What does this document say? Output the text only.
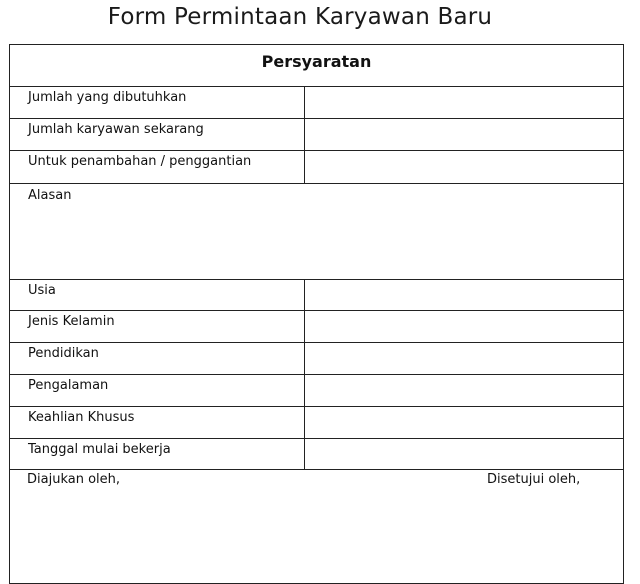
Form Permintaan Karyawan Baru
Persyaratan
Jumlah yang dibutuhkan
Jumlah karyawan sekarang
Untuk penambahan / penggantian
Alasan
Usia
Jenis Kelamin
Pendidikan
Pengalaman
Keahlian Khusus
Tanggal mulai bekerja
Diajukan oleh,	Disetujui oleh,
